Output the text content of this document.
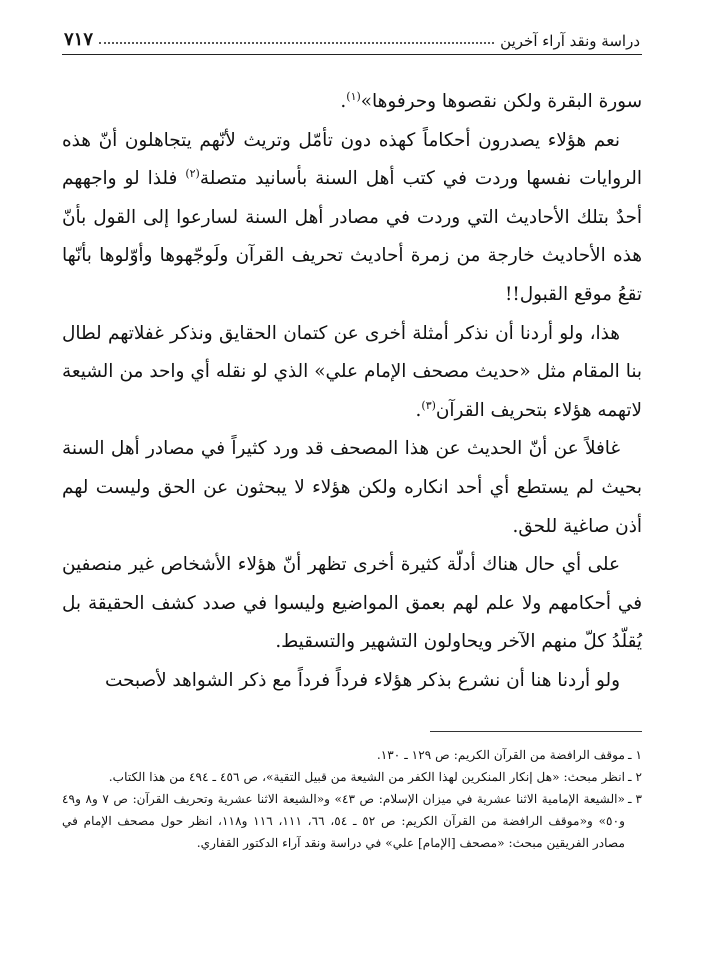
دراسة ونقد آراء آخرين
٧١٧

سورة البقرة ولكن نقصوها وحرفوها»$^{(١)}$.

نعم هؤلاء يصدرون أحكاماً كهذه دون تأمّل وتريث لأنّهم يتجاهلون أنّ هذه الروايات نفسها وردت في كتب أهل السنة بأسانيد متصلة$^{(٢)}$ فلذا لو واجههم أحدٌ بتلك الأحاديث التي وردت في مصادر أهل السنة لسارعوا إلى القول بأنّ هذه الأحاديث خارجة من زمرة أحاديث تحريف القرآن ولَوجّهوها وأوّلوها بأنّها تقعُ موقع القبول!!

هذا، ولو أردنا أن نذكر أمثلة أخرى عن كتمان الحقايق ونذكر غفلاتهم لطال بنا المقام مثل «حديث مصحف الإمام علي» الذي لو نقله أي واحد من الشيعة لاتهمه هؤلاء بتحريف القرآن$^{(٣)}$.

غافلاً عن أنّ الحديث عن هذا المصحف قد ورد كثيراً في مصادر أهل السنة بحيث لم يستطع أي أحد انكاره ولكن هؤلاء لا يبحثون عن الحق وليست لهم أذن صاغية للحق.

على أي حال هناك أدلّة كثيرة أخرى تظهر أنّ هؤلاء الأشخاص غير منصفين في أحكامهم ولا علم لهم بعمق المواضيع وليسوا في صدد كشف الحقيقة بل يُقلّدُ كلّ منهم الآخر ويحاولون التشهير والتسقيط.

ولو أردنا هنا أن نشرع بذكر هؤلاء فرداً فرداً مع ذكر الشواهد لأصبحت

١ ـ
موقف الرافضة من القرآن الكريم: ص ١٢٩ ـ ١٣٠.
٢ ـ
انظر مبحث: «هل إنكار المنكرين لهذا الكفر من الشيعة من قبيل التقية»، ص ٤٥٦ ـ ٤٩٤ من هذا الكتاب.
٣ ـ
«الشيعة الإمامية الاثنا عشرية في ميزان الإسلام: ص ٤٣» و«الشيعة الاثنا عشرية وتحريف القرآن: ص ٧ و٨ و٤٩ و٥٠» و«موقف الرافضة من القرآن الكريم: ص ٥٢ ـ ٥٤، ٦٦، ١١١، ١١٦ و١١٨، انظر حول مصحف الإمام في مصادر الفريقين مبحث: «مصحف [الإمام] علي» في دراسة ونقد آراء الدكتور القفاري.
